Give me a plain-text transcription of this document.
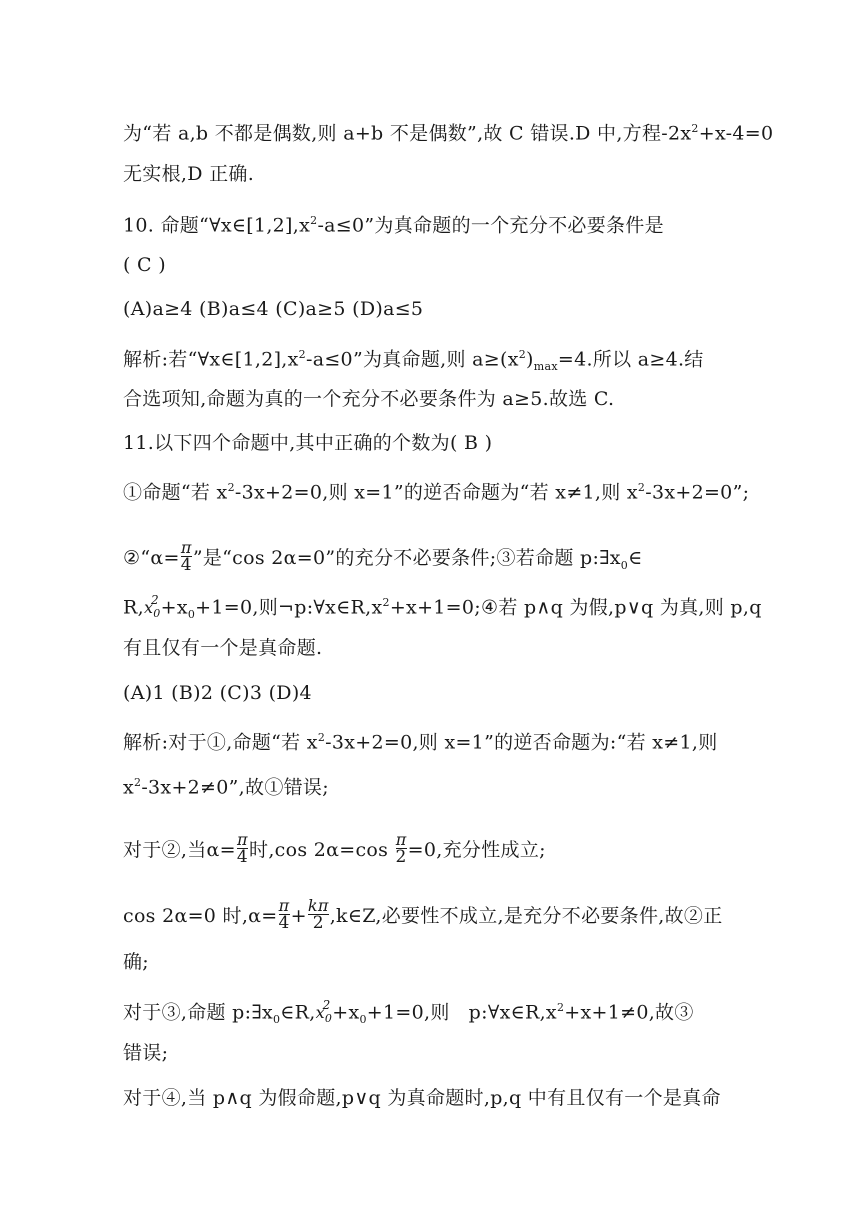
为“若 a,b 不都是偶数,则 a+b 不是偶数”,故 C 错误.D 中,方程$-2x^2+x-4=0$
无实根,D 正确.
10. 命题“$\forall x\in[1,2],x^2-a\le 0$”为真命题的一个充分不必要条件是
( C )
(A)a≥4 (B)a≤4 (C)a≥5 (D)a≤5
解析:若“$\forall x\in[1,2],x^2-a\le 0$”为真命题,则 $a\ge(x^2)_{max}=4$.所以 a≥4.结
合选项知,命题为真的一个充分不必要条件为 a≥5.故选 C.
11.以下四个命题中,其中正确的个数为( B )
①命题“若 $x^2-3x+2=0$,则 x=1”的逆否命题为“若 x≠1,则 $x^2-3x+2=0$”;
②“α= $\frac{\pi}{4}$ ”是“cos 2α=0”的充分不必要条件;③若命题 $p:\exists x_0\in$
$R,x_0$
$2 +x_0+1=0$,则$\neg p:\forall x\in R,x^2+x+1=0;④$若 p∧q 为假,p∨q 为真,则 p,q
有且仅有一个是真命题.
(A)1 (B)2 (C)3 (D)4
解析:对于①,命题“若 $x^2-3x+2=0$,则 x=1”的逆否命题为:“若 x≠1,则
$x^2-3x+2\ne 0$”,故①错误;
对于②,当$\alpha= \frac{\pi}{4}$ 时,cos $2\alpha=\cos \frac{\pi}{2} =0$,充分性成立;
cos 2α=0 时$,\alpha= \frac{\pi}{4} + \frac{k\pi}{2}$ ,k∈Z,必要性不成立,是充分不必要条件,故②正
确;
对于③,命题 $p:\exists x_0\in R,x_0$
$2 +x_0+1=0$,则   $p:\forall x\in R,x^2+x+1\ne 0$,故③
错误;
对于④,当 p∧q 为假命题,p∨q 为真命题时,p,q 中有且仅有一个是真命
